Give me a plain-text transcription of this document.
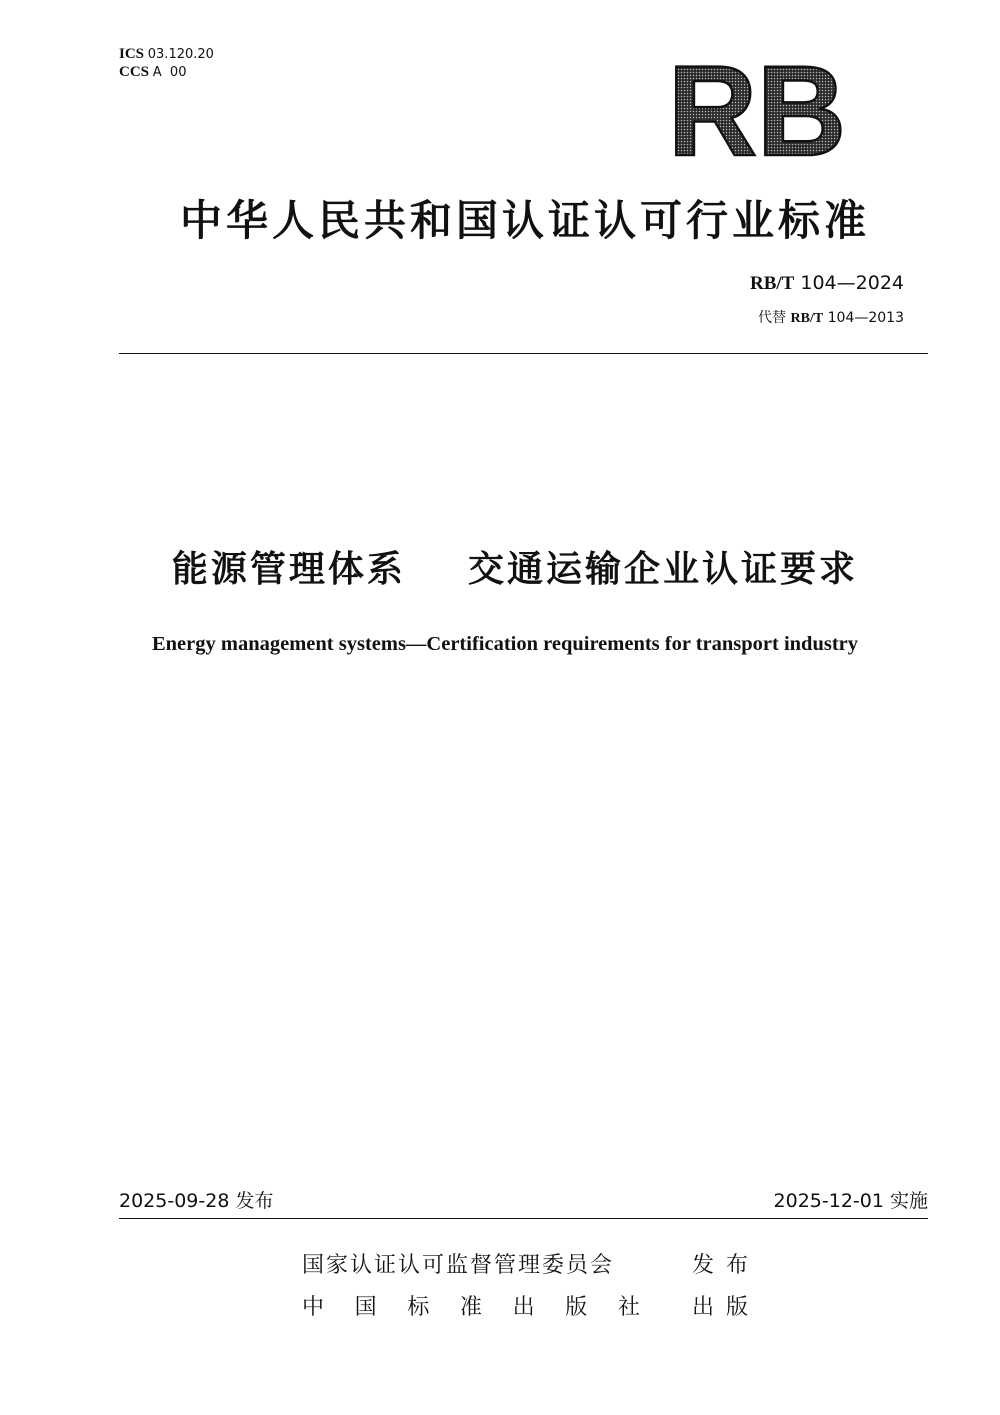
ICS 03.120.20
CCS A  00	RB
中华人民共和国认证认可行业标准
RB/T 104—2024
代替 RB/T 104—2013
能源管理体系    交通运输企业认证要求
Energy management systems—Certification requirements for transport industry
2025-09-28 发布	2025-12-01 实施
国家认证认可监督管理委员会	发布
中 国 标 准 出 版 社 出版
